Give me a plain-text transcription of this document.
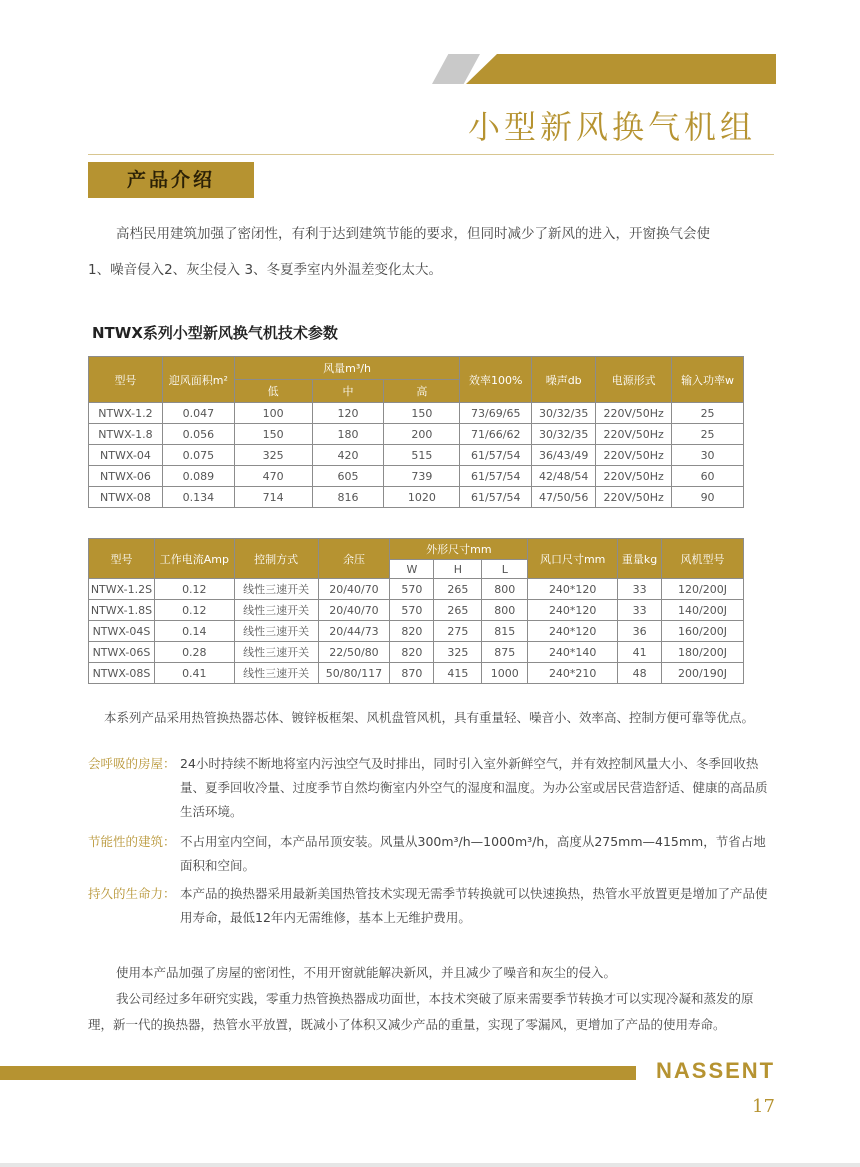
小型新风换气机组
产品介绍

高档民用建筑加强了密闭性，有利于达到建筑节能的要求，但同时减少了新风的进入，开窗换气会使

1、噪音侵入2、灰尘侵入 3、冬夏季室内外温差变化太大。

NTWX系列小型新风换气机技术参数
型号	迎风面积m²	风量m³/h			效率100%	噪声db	电源形式	输入功率w
		低	中	高				
NTWX-1.2	0.047	100	120	150	73/69/65	30/32/35	220V/50Hz	25
NTWX-1.8	0.056	150	180	200	71/66/62	30/32/35	220V/50Hz	25
NTWX-04	0.075	325	420	515	61/57/54	36/43/49	220V/50Hz	30
NTWX-06	0.089	470	605	739	61/57/54	42/48/54	220V/50Hz	60
NTWX-08	0.134	714	816	1020	61/57/54	47/50/56	220V/50Hz	90
型号	工作电流Amp	控制方式	余压	外形尺寸mm			风口尺寸mm	重量kg	风机型号
				W	H	L			
NTWX-1.2S	0.12	线性三速开关	20/40/70	570	265	800	240*120	33	120/200J
NTWX-1.8S	0.12	线性三速开关	20/40/70	570	265	800	240*120	33	140/200J
NTWX-04S	0.14	线性三速开关	20/44/73	820	275	815	240*120	36	160/200J
NTWX-06S	0.28	线性三速开关	22/50/80	820	325	875	240*140	41	180/200J
NTWX-08S	0.41	线性三速开关	50/80/117	870	415	1000	240*210	48	200/190J
本系列产品采用热管换热器芯体、镀锌板框架、风机盘管风机，具有重量轻、噪音小、效率高、控制方便可靠等优点。
会呼吸的房屋： 24小时持续不断地将室内污浊空气及时排出，同时引入室外新鲜空气，并有效控制风量大小、冬季回收热量、夏季回收冷量、过度季节自然均衡室内外空气的湿度和温度。为办公室或居民营造舒适、健康的高品质生活环境。
节能性的建筑： 不占用室内空间，本产品吊顶安装。风量从300m³/h—1000m³/h，高度从275mm—415mm，节省占地面积和空间。
持久的生命力： 本产品的换热器采用最新美国热管技术实现无需季节转换就可以快速换热，热管水平放置更是增加了产品使用寿命，最低12年内无需维修，基本上无维护费用。

使用本产品加强了房屋的密闭性，不用开窗就能解决新风，并且减少了噪音和灰尘的侵入。

我公司经过多年研究实践，零重力热管换热器成功面世，本技术突破了原来需要季节转换才可以实现冷凝和蒸发的原理，新一代的换热器，热管水平放置，既减小了体积又减少产品的重量，实现了零漏风，更增加了产品的使用寿命。

NASSENT
17
